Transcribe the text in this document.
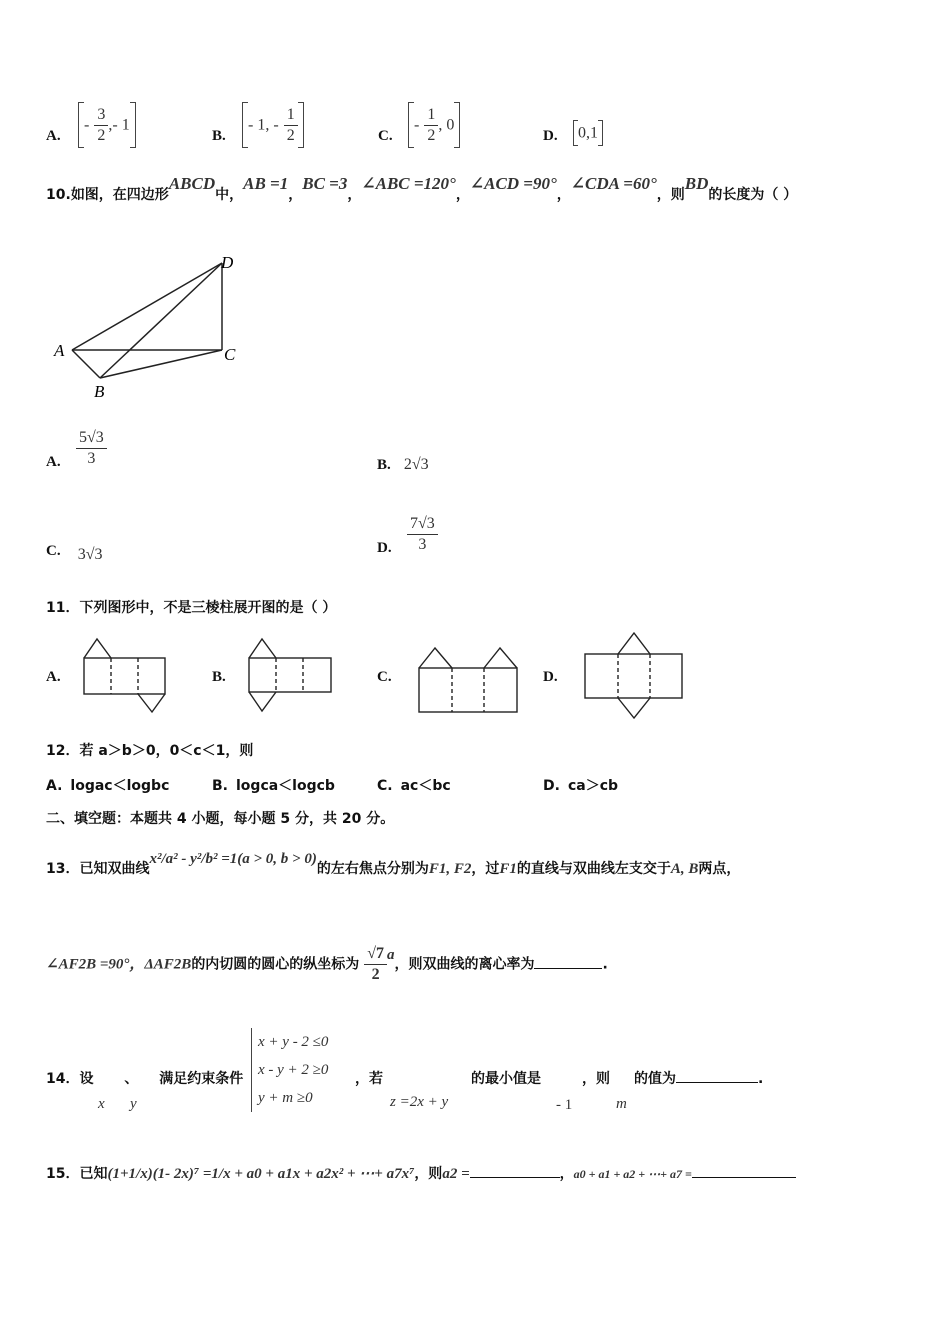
A.
- $\frac{3}{2}$ ,- 1
B.
- 1, - $\frac{1}{2}$	C.
- $\frac{1}{2}$ , 0
D.	0,1
10.如图，在四边形ABCD中，AB =1，BC =3，∠ABC =120°，∠ACD =90°，∠CDA =60°，则BD的长度为（ ）
A
B
C
D
A. $\frac{5√3}{3}$	B. 2√3
C. 3√3	D. $\frac{7√3}{3}$
11．下列图形中，不是三棱柱展开图的是（ ）
A.	B.	C.	D.
12．若 a＞b＞0，0＜c＜1，则
A. logac＜logbc	B. logca＜logcb	C. ac＜bc	D. ca＞cb
二、填空题：本题共 4 小题，每小题 5 分，共 20 分。
13．已知双曲线x²/a² - y²/b² =1(a > 0, b > 0)的左右焦点分别为F1, F2，过F1的直线与双曲线左支交于A, B两点，
∠AF2B =90°，ΔAF2B的内切圆的圆心的纵坐标为 $\frac{√7}{2}$ a，则双曲线的离心率为	.
14．设 、 满足约束条件
x y
x + y - 2 ≤0
x - y + 2 ≥0
y + m ≥0
，若
z =2x + y
的最小值是
- 1
，则
m
的值为	.
15．已知(1+1/x)(1- 2x)⁷ =1/x + a0 + a1x + a2x² + ⋯+ a7x⁷，则a2 =	，a0 + a1 + a2 + ⋯+ a7 =
